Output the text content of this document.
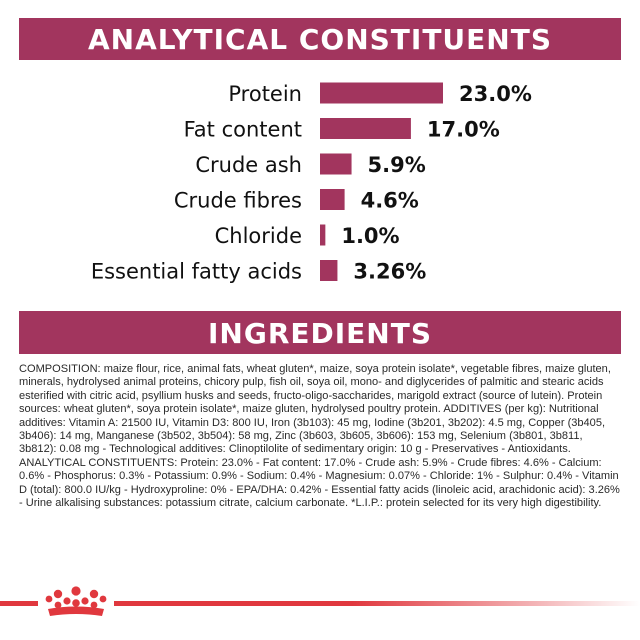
ANALYTICAL CONSTITUENTS
Protein	23.0%
Fat content	17.0%
Crude ash	5.9%
Crude fibres	4.6%
Chloride 1.0%
Essential fatty acids 3.26%
INGREDIENTS

COMPOSITION: maize flour, rice, animal fats, wheat gluten*, maize, soya protein isolate*, vegetable fibres, maize gluten, minerals, hydrolysed animal proteins, chicory pulp, fish oil, soya oil, mono- and diglycerides of palmitic and stearic acids esterified with citric acid, psyllium husks and seeds, fructo-oligo-saccharides, marigold extract (source of lutein). Protein sources: wheat gluten*, soya protein isolate*, maize gluten, hydrolysed poultry protein. ADDITIVES (per kg): Nutritional additives: Vitamin A: 21500 IU, Vitamin D3: 800 IU, Iron (3b103): 45 mg, Iodine (3b201, 3b202): 4.5 mg, Copper (3b405, 3b406): 14 mg, Manganese (3b502, 3b504): 58 mg, Zinc (3b603, 3b605, 3b606): 153 mg, Selenium (3b801, 3b811, 3b812): 0.08 mg - Technological additives: Clinoptilolite of sedimentary origin: 10 g - Preservatives - Antioxidants. ANALYTICAL CONSTITUENTS: Protein: 23.0% - Fat content: 17.0% - Crude ash: 5.9% - Crude fibres: 4.6% - Calcium: 0.6% - Phosphorus: 0.3% - Potassium: 0.9% - Sodium: 0.4% - Magnesium: 0.07% - Chloride: 1% - Sulphur: 0.4% - Vitamin D (total): 800.0 IU/kg - Hydroxyproline: 0% - EPA/DHA: 0.42% - Essential fatty acids (linoleic acid, arachidonic acid): 3.26% - Urine alkalising substances: potassium citrate, calcium carbonate. *L.I.P.: protein selected for its very high digestibility.
